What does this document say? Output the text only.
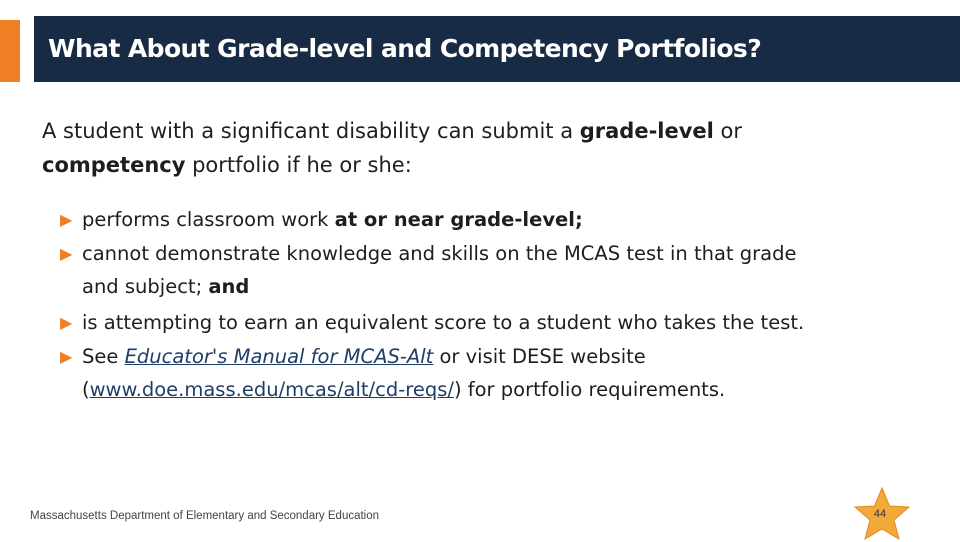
What About Grade-level and Competency Portfolios?
A student with a significant disability can submit a grade-level or
competency portfolio if he or she:
▶ performs classroom work at or near grade-level;
▶ cannot demonstrate knowledge and skills on the MCAS test in that grade
and subject; and
▶ is attempting to earn an equivalent score to a student who takes the test.
▶ See Educator's Manual for MCAS-Alt or visit DESE website
(www.doe.mass.edu/mcas/alt/cd-reqs/) for portfolio requirements.
Massachusetts Department of Elementary and Secondary Education	44
